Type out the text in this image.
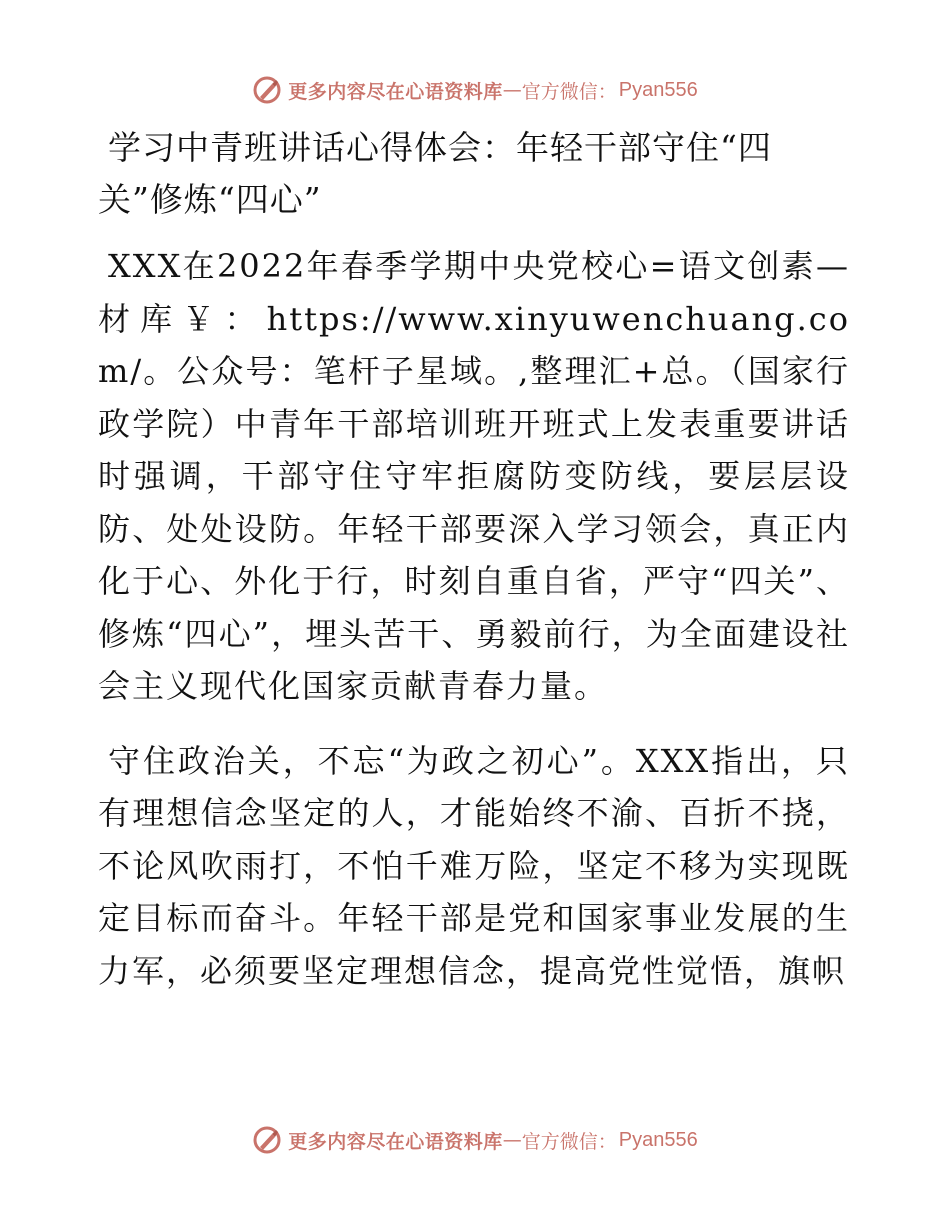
更多内容尽在心语资料库 — 官方微信： Pyan556
学习中青班讲话心得体会：年轻干部守住“四关”修炼“四心”

XXX在2022年春季学期中央党校心=语文创素—材库￥：https://www.xinyuwenchuang.com/。公众号：笔杆子星域。,整理汇+总。（国家行政学院）中青年干部培训班开班式上发表重要讲话时强调，干部守住守牢拒腐防变防线，要层层设防、处处设防。年轻干部要深入学习领会，真正内化于心、外化于行，时刻自重自省，严守“四关”、修炼“四心”，埋头苦干、勇毅前行，为全面建设社会主义现代化国家贡献青春力量。

守住政治关，不忘“为政之初心”。XXX指出，只有理想信念坚定的人，才能始终不渝、百折不挠，不论风吹雨打，不怕千难万险，坚定不移为实现既定目标而奋斗。年轻干部是党和国家事业发展的生力军，必须要坚定理想信念，提高党性觉悟，旗帜

更多内容尽在心语资料库 — 官方微信： Pyan556
